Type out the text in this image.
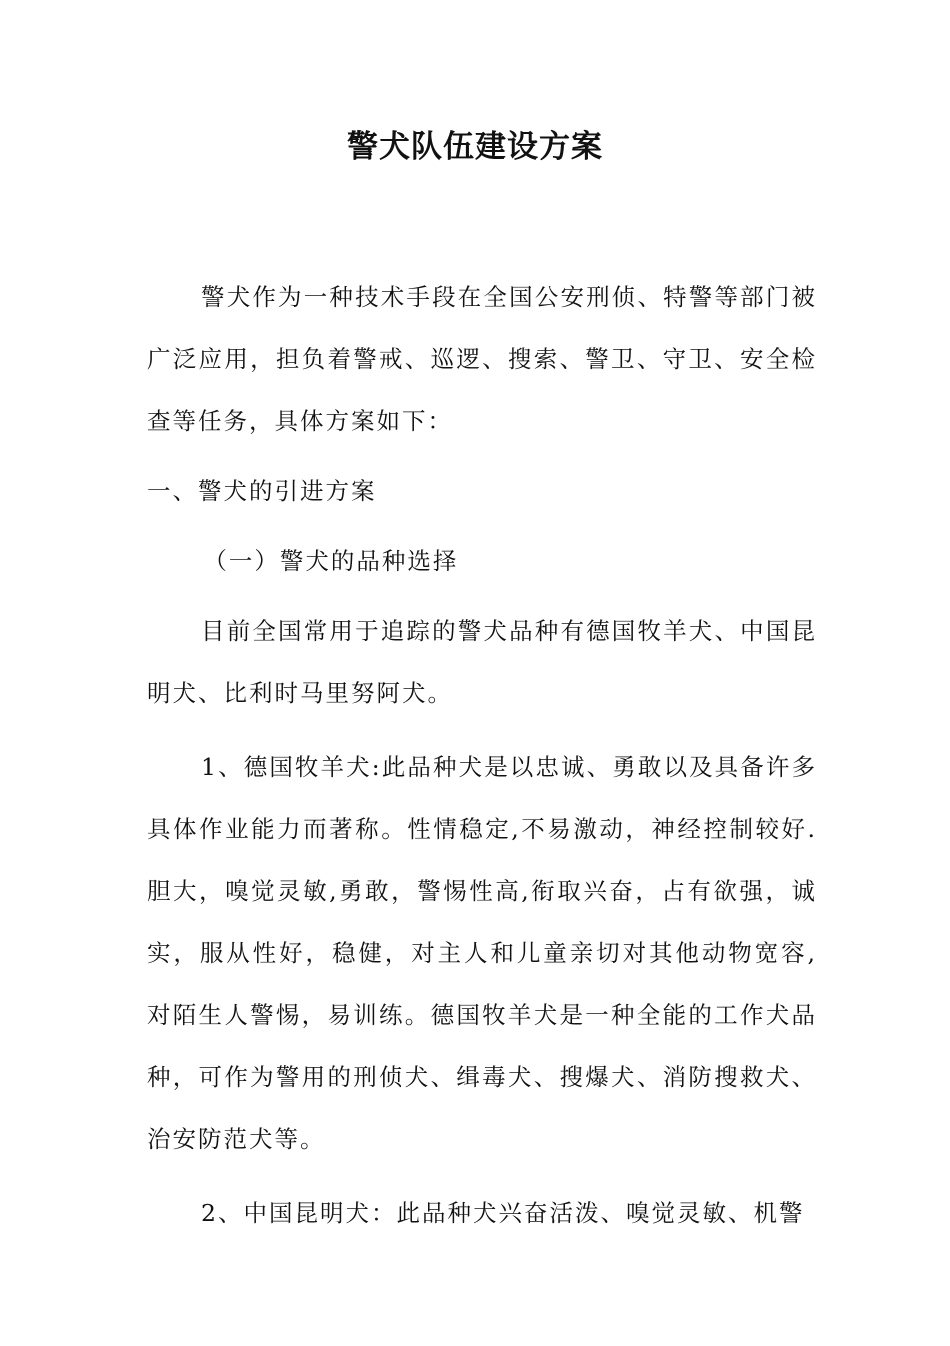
警犬队伍建设方案

警犬作为一种技术手段在全国公安刑侦、特警等部门被广泛应用，担负着警戒、巡逻、搜索、警卫、守卫、安全检查等任务，具体方案如下：

一、警犬的引进方案

（一）警犬的品种选择

目前全国常用于追踪的警犬品种有德国牧羊犬、中国昆明犬、比利时马里努阿犬。

1、德国牧羊犬:此品种犬是以忠诚、勇敢以及具备许多具体作业能力而著称。性情稳定,不易激动，神经控制较好.胆大，嗅觉灵敏,勇敢，警惕性高,衔取兴奋，占有欲强，诚实，服从性好，稳健，对主人和儿童亲切对其他动物宽容,对陌生人警惕，易训练。德国牧羊犬是一种全能的工作犬品种，可作为警用的刑侦犬、缉毒犬、搜爆犬、消防搜救犬、治安防范犬等。

2、中国昆明犬：此品种犬兴奋活泼、嗅觉灵敏、机警
